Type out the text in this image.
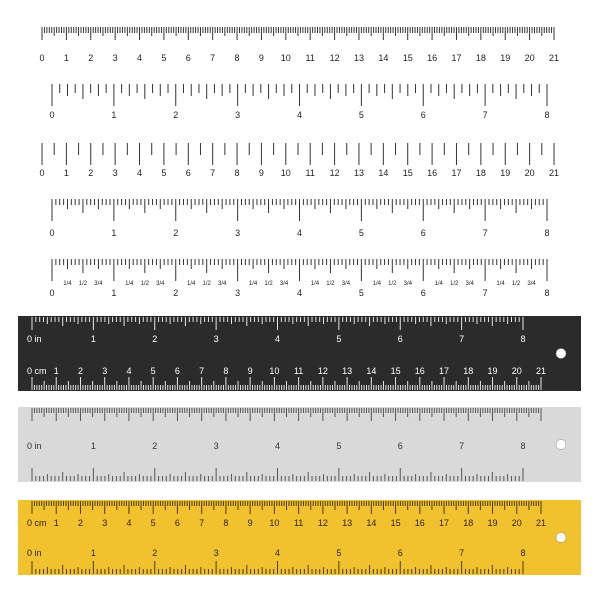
0 1 2 3 4 5 6 7 8 9 10 11 12 13 14 15 16 17 18 19 20 21
0	1	2	3	4	5	6	7	8
0 1 2 3 4 5 6 7 8 9 10 11 12 13 14 15 16 17 18 19 20 21
0	1	2	3	4	5	6	7	8
0	1	2	3	4	5	6	7	8
1/4 1/2 3/4	1/4 1/2 3/4	1/4 1/2 3/4	1/4 1/2 3/4	1/4 1/2 3/4	1/4 1/2 3/4	1/4 1/2 3/4	1/4 1/2 3/4
1	2	3	4	5	6	7	8
0 in
1 2 3 4 5 6 7 8 9 10 11 12 13 14 15 16 17 18 19 20 21
0 cm
1	2	3	4	5	6	7	8
0 in
1 2 3 4 5 6 7 8 9 10 11 12 13 14 15 16 17 18 19 20 21
0 cm
1	2	3	4	5	6	7	8
0 in
